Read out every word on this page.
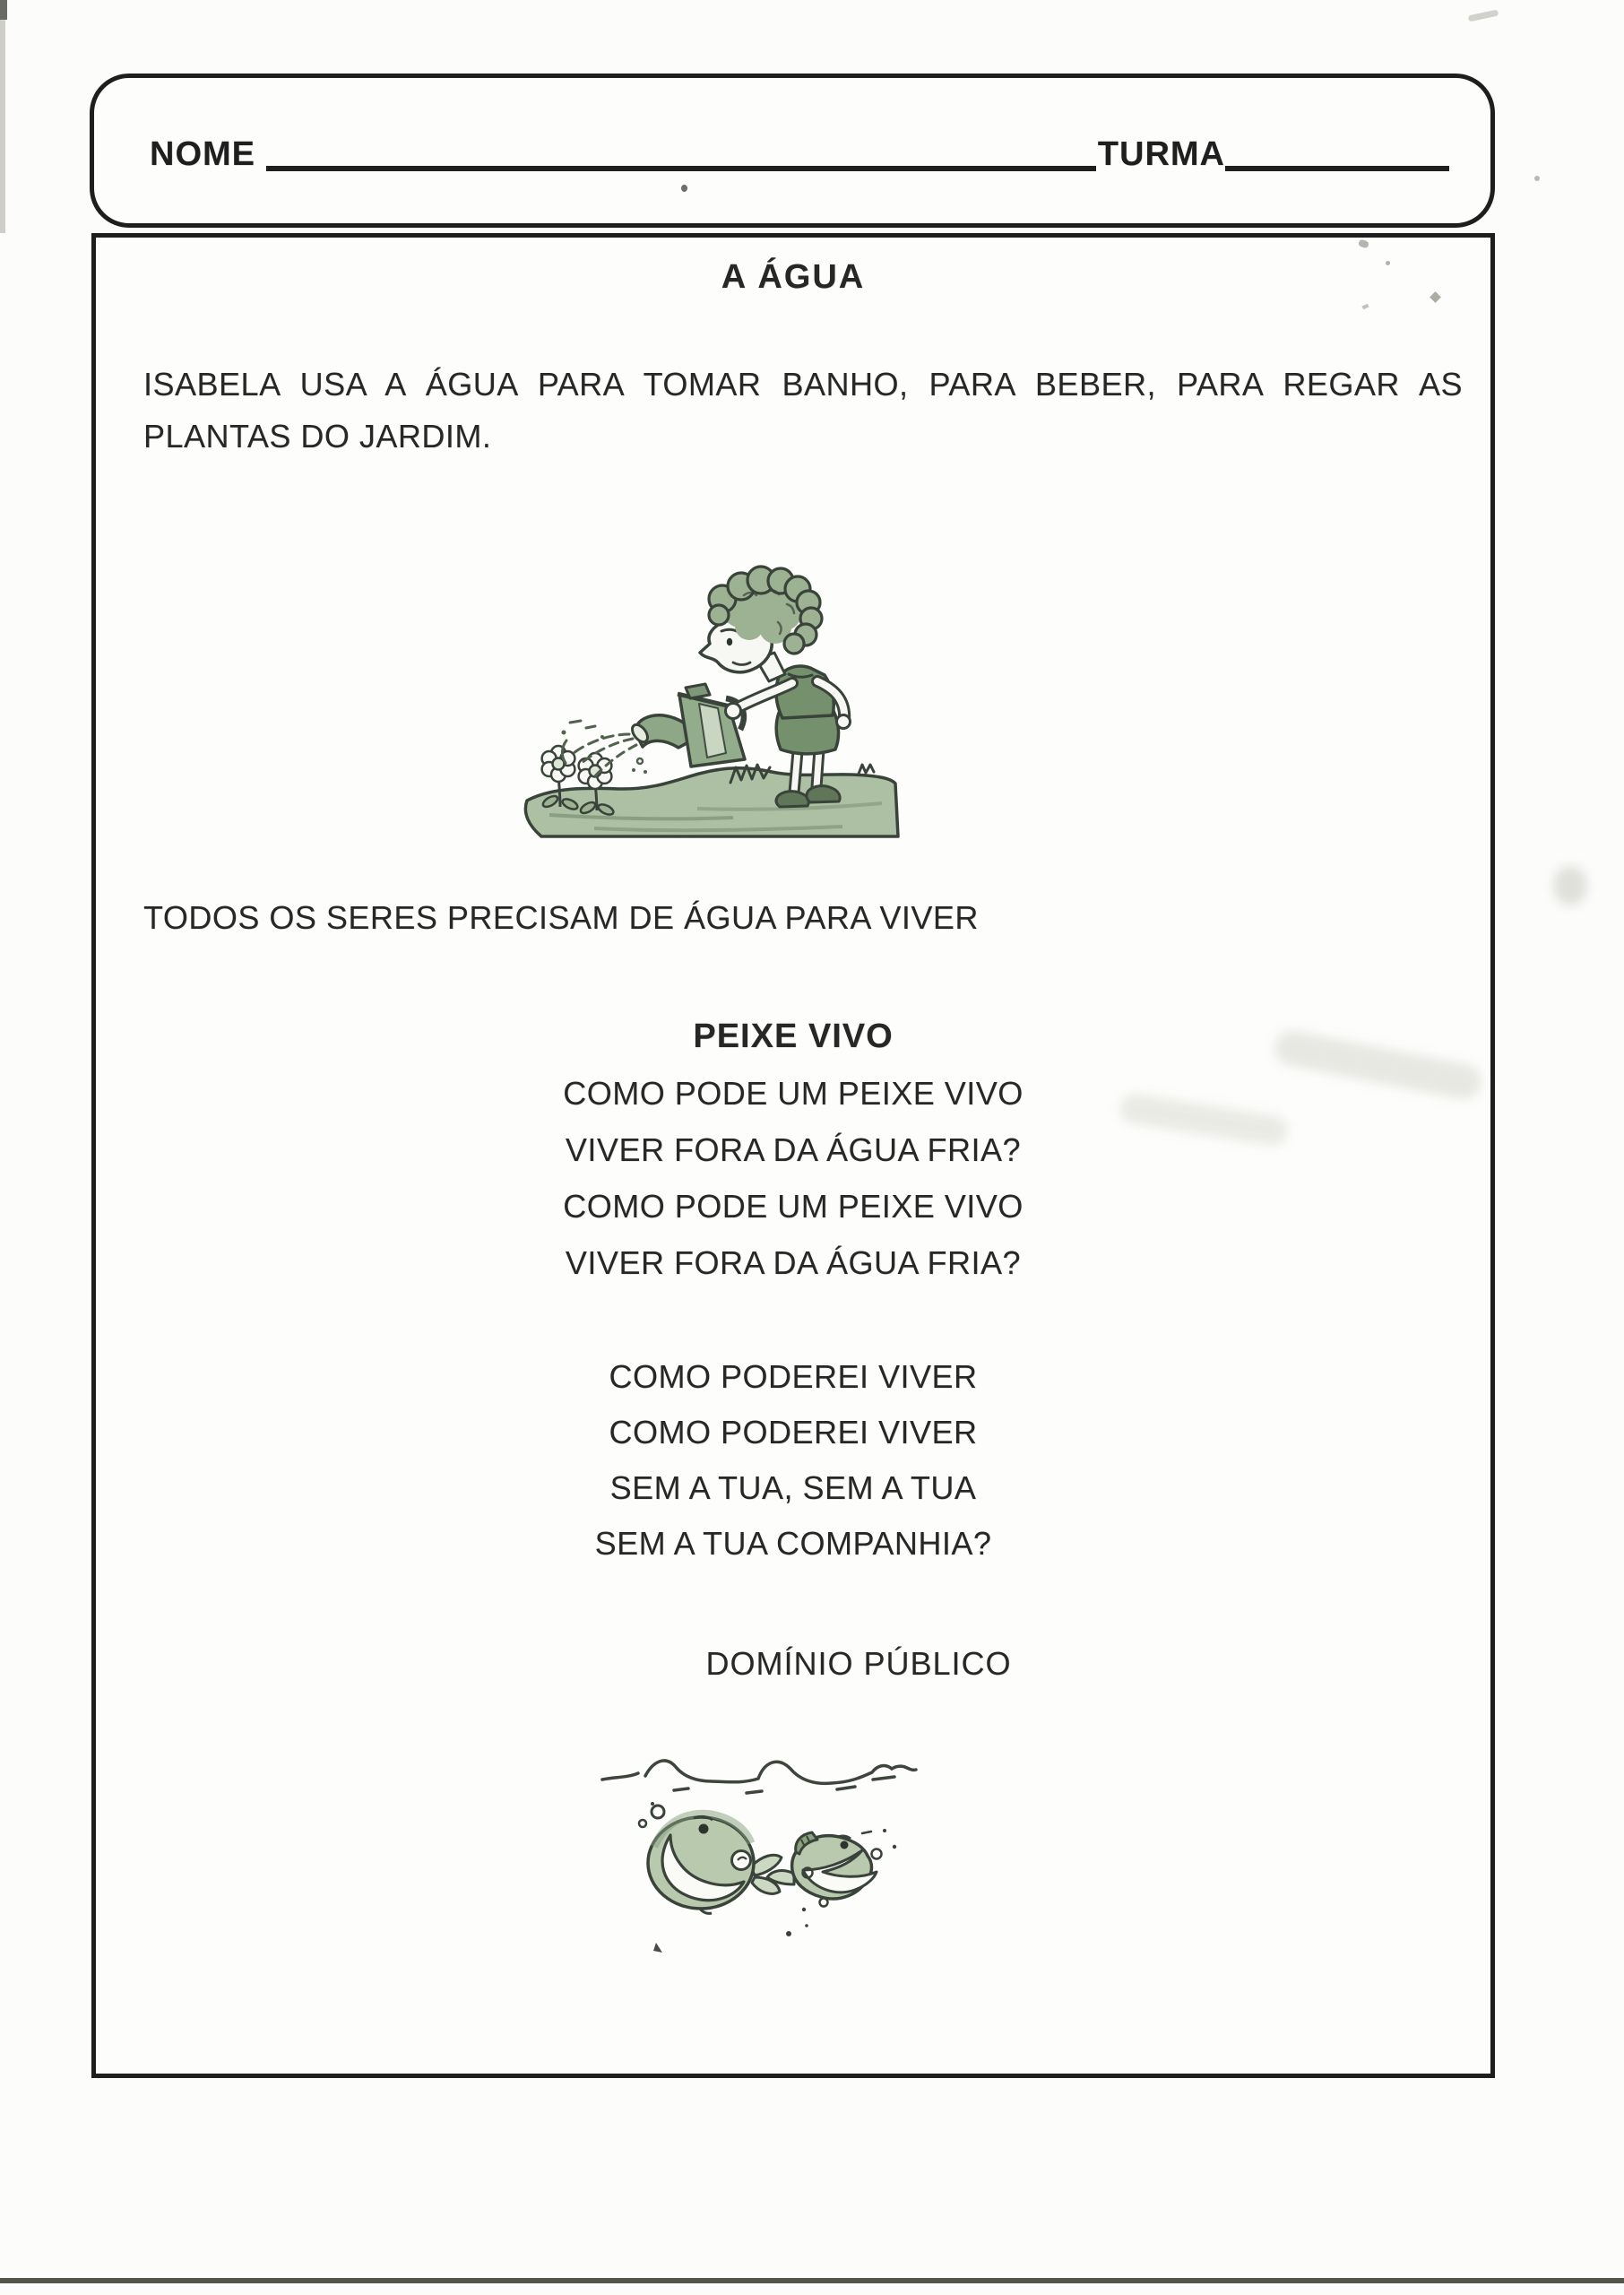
NOME	TURMA
A ÁGUA
ISABELA USA A ÁGUA PARA TOMAR BANHO, PARA BEBER, PARA REGAR AS
PLANTAS DO JARDIM.
TODOS OS SERES PRECISAM DE ÁGUA PARA VIVER
PEIXE VIVO
COMO PODE UM PEIXE VIVO
VIVER FORA DA ÁGUA FRIA?
COMO PODE UM PEIXE VIVO
VIVER FORA DA ÁGUA FRIA?
COMO PODEREI VIVER
COMO PODEREI VIVER
SEM A TUA, SEM A TUA
SEM A TUA COMPANHIA?
DOMÍNIO PÚBLICO
